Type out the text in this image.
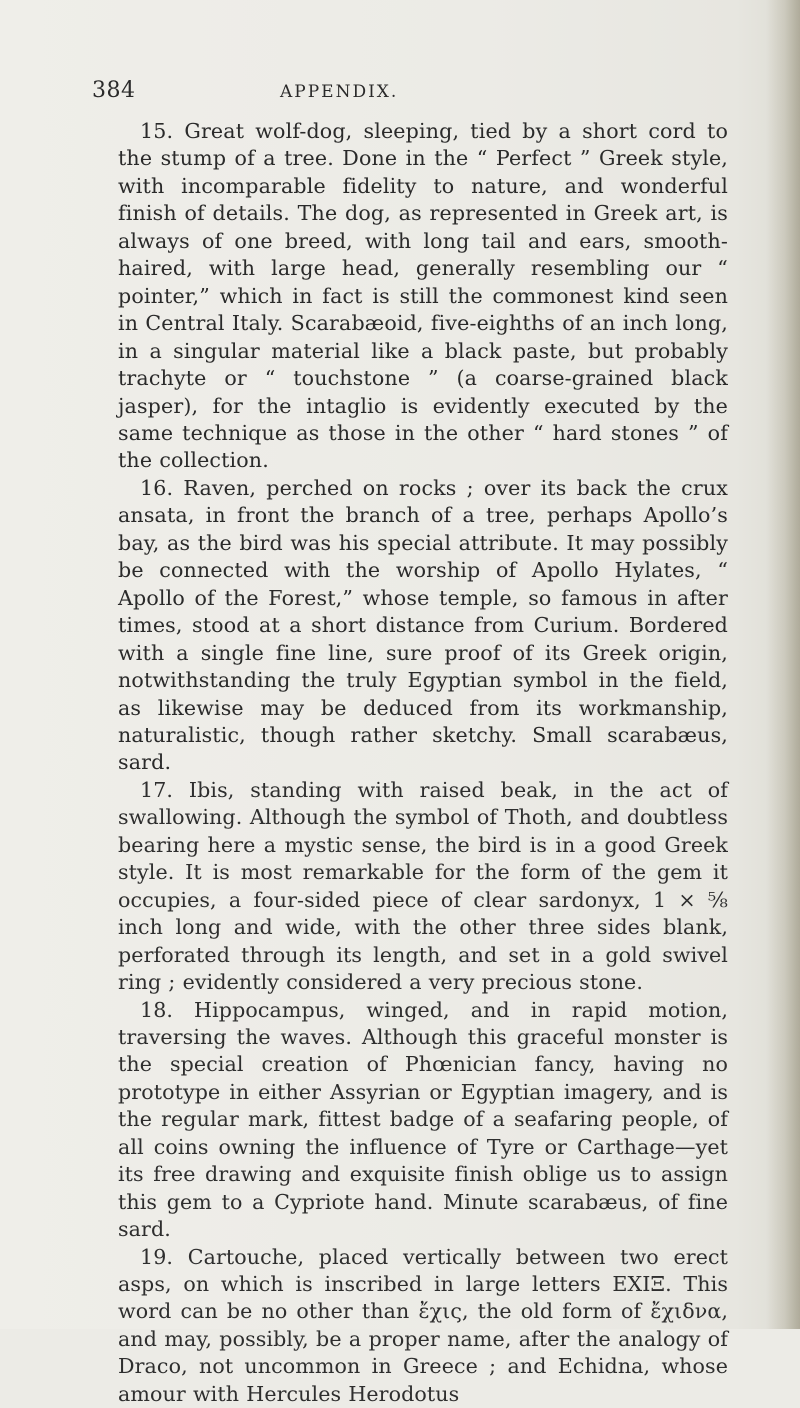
384	APPENDIX.

15. Great wolf-dog, sleeping, tied by a short cord to the stump of a tree. Done in the “ Perfect ” Greek style, with incomparable fidelity to nature, and wonderful finish of details. The dog, as represented in Greek art, is always of one breed, with long tail and ears, smooth-haired, with large head, generally resembling our “ pointer,” which in fact is still the commonest kind seen in Central Italy. Scarabæoid, five-eighths of an inch long, in a singular material like a black paste, but probably trachyte or “ touchstone ” (a coarse-grained black jasper), for the intaglio is evidently executed by the same technique as those in the other “ hard stones ” of the collection.

16. Raven, perched on rocks ; over its back the crux ansata, in front the branch of a tree, perhaps Apollo’s bay, as the bird was his special attribute. It may possibly be connected with the worship of Apollo Hylates, “ Apollo of the Forest,” whose temple, so famous in after times, stood at a short distance from Curium. Bordered with a single fine line, sure proof of its Greek origin, notwithstanding the truly Egyptian symbol in the field, as likewise may be deduced from its workmanship, naturalistic, though rather sketchy. Small scarabæus, sard.

17. Ibis, standing with raised beak, in the act of swallowing. Although the symbol of Thoth, and doubtless bearing here a mystic sense, the bird is in a good Greek style. It is most remarkable for the form of the gem it occupies, a four-sided piece of clear sardonyx, 1 × ⅝ inch long and wide, with the other three sides blank, perforated through its length, and set in a gold swivel ring ; evidently considered a very precious stone.

18. Hippocampus, winged, and in rapid motion, traversing the waves. Although this graceful monster is the special creation of Phœnician fancy, having no prototype in either Assyrian or Egyptian imagery, and is the regular mark, fittest badge of a seafaring people, of all coins owning the influence of Tyre or Carthage—yet its free drawing and exquisite finish oblige us to assign this gem to a Cypriote hand. Minute scarabæus, of fine sard.

19. Cartouche, placed vertically between two erect asps, on which is inscribed in large letters ΕΧΙΞ. This word can be no other than ἔχις, the old form of ἔχιδνα, and may, possibly, be a proper name, after the analogy of Draco, not uncommon in Greece ; and Echidna, whose amour with Hercules Herodotus
